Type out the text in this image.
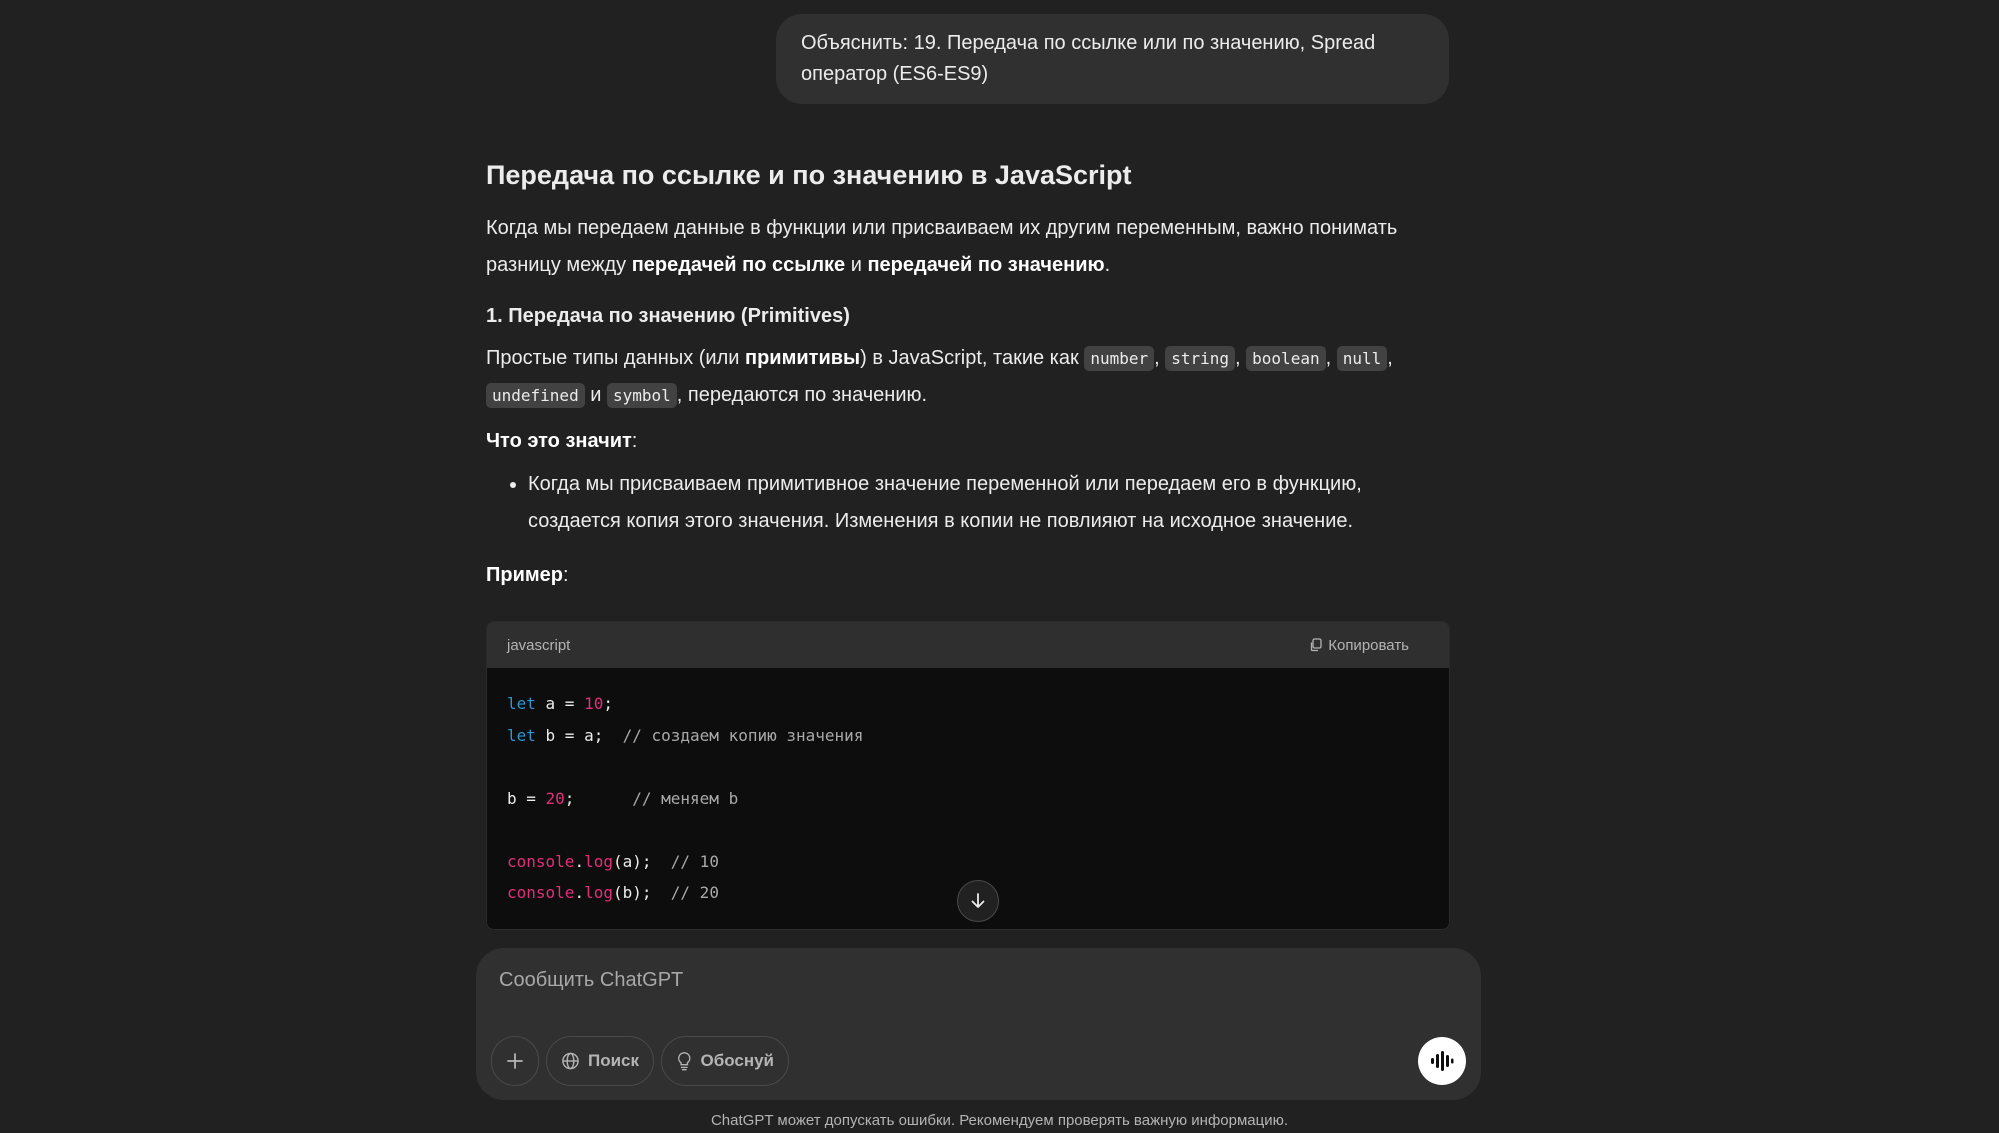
Объяснить: 19. Передача по ссылке или по значению, Spread
оператор (ES6-ES9)
Передача по ссылке и по значению в JavaScript

Когда мы передаем данные в функции или присваиваем их другим переменным, важно понимать разницу между передачей по ссылке и передачей по значению.

1. Передача по значению (Primitives)

Простые типы данных (или примитивы) в JavaScript, такие как number , string , boolean , null ,
undefined и symbol , передаются по значению.

Что это значит:

• Когда мы присваиваем примитивное значение переменной или передаем его в функцию, создается копия этого значения. Изменения в копии не повлияют на исходное значение.

Пример:

javascript	Копировать
let a = 10;
let b = a;  // создаем копию значения

b = 20;      // меняем b

console.log(a);  // 10
console.log(b);  // 20
Сообщить ChatGPT
Поиск	Обоснуй
ChatGPT может допускать ошибки. Рекомендуем проверять важную информацию.
